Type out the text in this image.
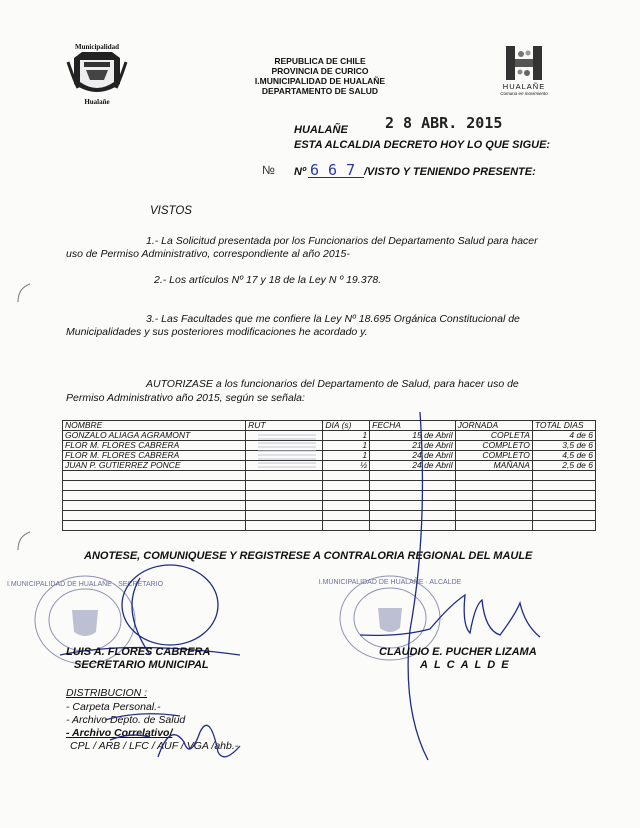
Municipalidad
Hualañe
REPUBLICA DE CHILE
PROVINCIA DE CURICO
I.MUNICIPALIDAD DE HUALAÑE
DEPARTAMENTO DE SALUD	HUALAÑE
Comuna en movimiento
HUALAÑE 2 8 ABR. 2015
ESTA ALCALDIA DECRETO HOY LO QUE SIGUE:
№ Nº 6 6 7 /VISTO Y TENIENDO PRESENTE:
VISTOS
1.- La Solicitud presentada por los Funcionarios del Departamento Salud para hacer
uso de Permiso Administrativo, correspondiente al año 2015-
2.- Los artículos Nº 17 y 18 de la Ley N º 19.378.
3.- Las Facultades que me confiere la Ley Nº 18.695 Orgánica Constitucional de
Municipalidades y sus posteriores modificaciones he acordado y.
AUTORIZASE a los funcionarios del Departamento de Salud, para hacer uso de
Permiso Administrativo año 2015, según se señala:
NOMBRE	RUT	DIA (s)	FECHA	JORNADA	TOTAL DIAS
GONZALO ALIAGA AGRAMONT		1	15 de Abril	COPLETA	4 de 6
FLOR M. FLORES CABRERA		1	21 de Abril	COMPLETO	3,5 de 6
FLOR M. FLORES CABRERA		1	24 de Abril	COMPLETO	4,5 de 6
JUAN P. GUTIERREZ PONCE		½	24 de Abril	MAÑANA	2,5 de 6

ANOTESE, COMUNIQUESE Y REGISTRESE A CONTRALORIA REGIONAL DEL MAULE
I.MUNICIPALIDAD DE HUALAÑE · SECRETARIO
LUIS A. FLORES CABRERA
SECRETARIO MUNICIPAL
I.MUNICIPALIDAD DE HUALAÑE · ALCALDE
CLAUDIO E. PUCHER LIZAMA
ALCALDE
DISTRIBUCION :
- Carpeta Personal.-
- Archivo Depto. de Salud
- Archivo Correlativo/
CPL / ARB / LFC / AUF / VGA /ahb.-
